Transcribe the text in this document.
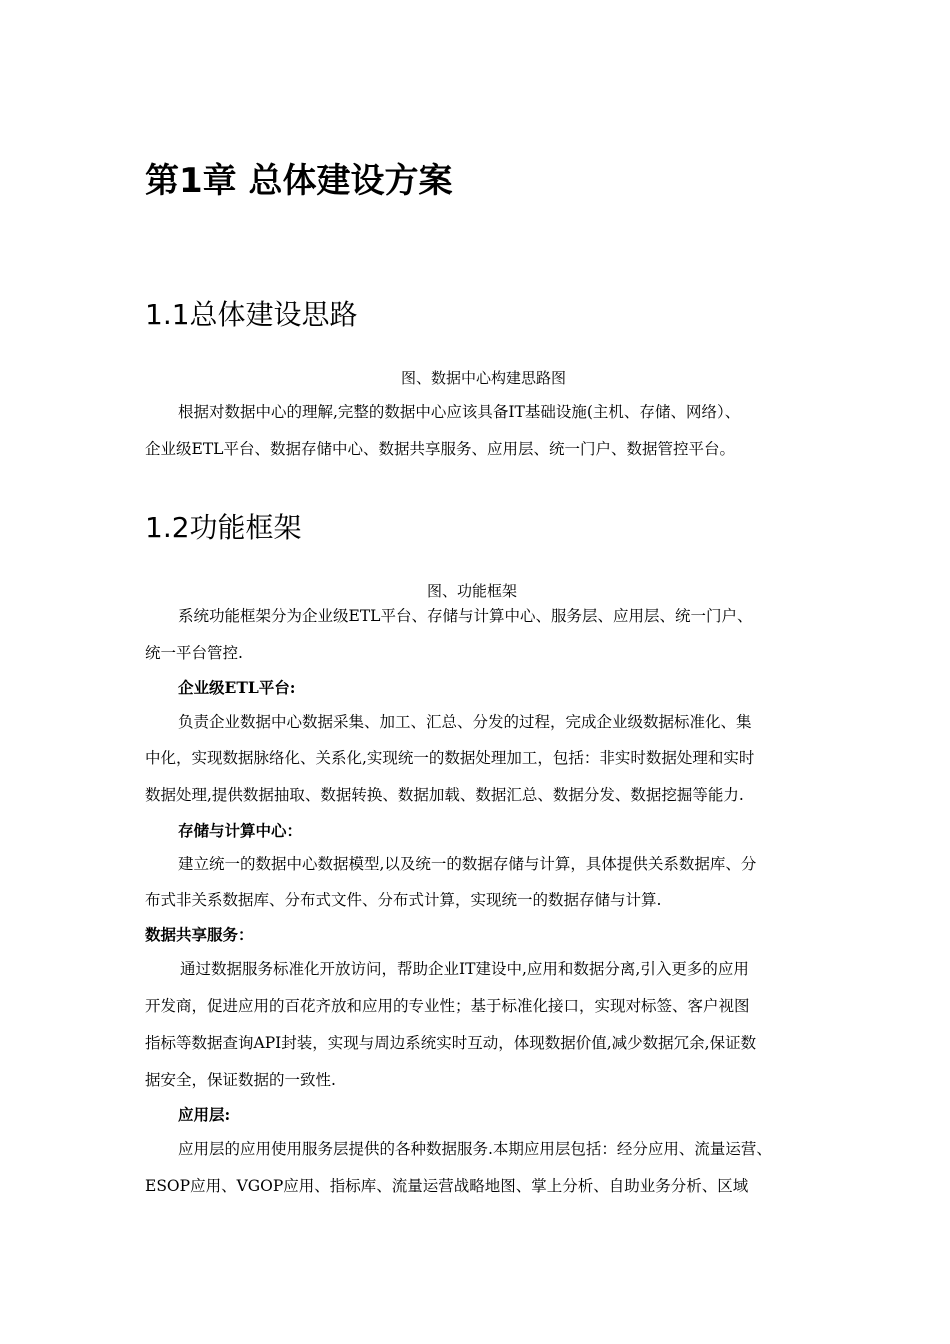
第1章 总体建设方案
1.1总体建设思路
图、数据中心构建思路图
根据对数据中心的理解,完整的数据中心应该具备IT基础设施(主机、存储、网络）、
企业级ETL平台、数据存储中心、数据共享服务、应用层、统一门户、数据管控平台。
1.2功能框架
图、功能框架
系统功能框架分为企业级ETL平台、存储与计算中心、服务层、应用层、统一门户、
统一平台管控.
企业级ETL平台:
负责企业数据中心数据采集、加工、汇总、分发的过程，完成企业级数据标准化、集
中化，实现数据脉络化、关系化,实现统一的数据处理加工，包括：非实时数据处理和实时
数据处理,提供数据抽取、数据转换、数据加载、数据汇总、数据分发、数据挖掘等能力.
存储与计算中心：
建立统一的数据中心数据模型,以及统一的数据存储与计算，具体提供关系数据库、分
布式非关系数据库、分布式文件、分布式计算，实现统一的数据存储与计算.
数据共享服务：
通过数据服务标准化开放访问，帮助企业IT建设中,应用和数据分离,引入更多的应用
开发商，促进应用的百花齐放和应用的专业性；基于标准化接口，实现对标签、客户视图
指标等数据查询API封装，实现与周边系统实时互动，体现数据价值,减少数据冗余,保证数
据安全，保证数据的一致性.
应用层:
应用层的应用使用服务层提供的各种数据服务.本期应用层包括：经分应用、流量运营、
ESOP应用、VGOP应用、指标库、流量运营战略地图、掌上分析、自助业务分析、区域
